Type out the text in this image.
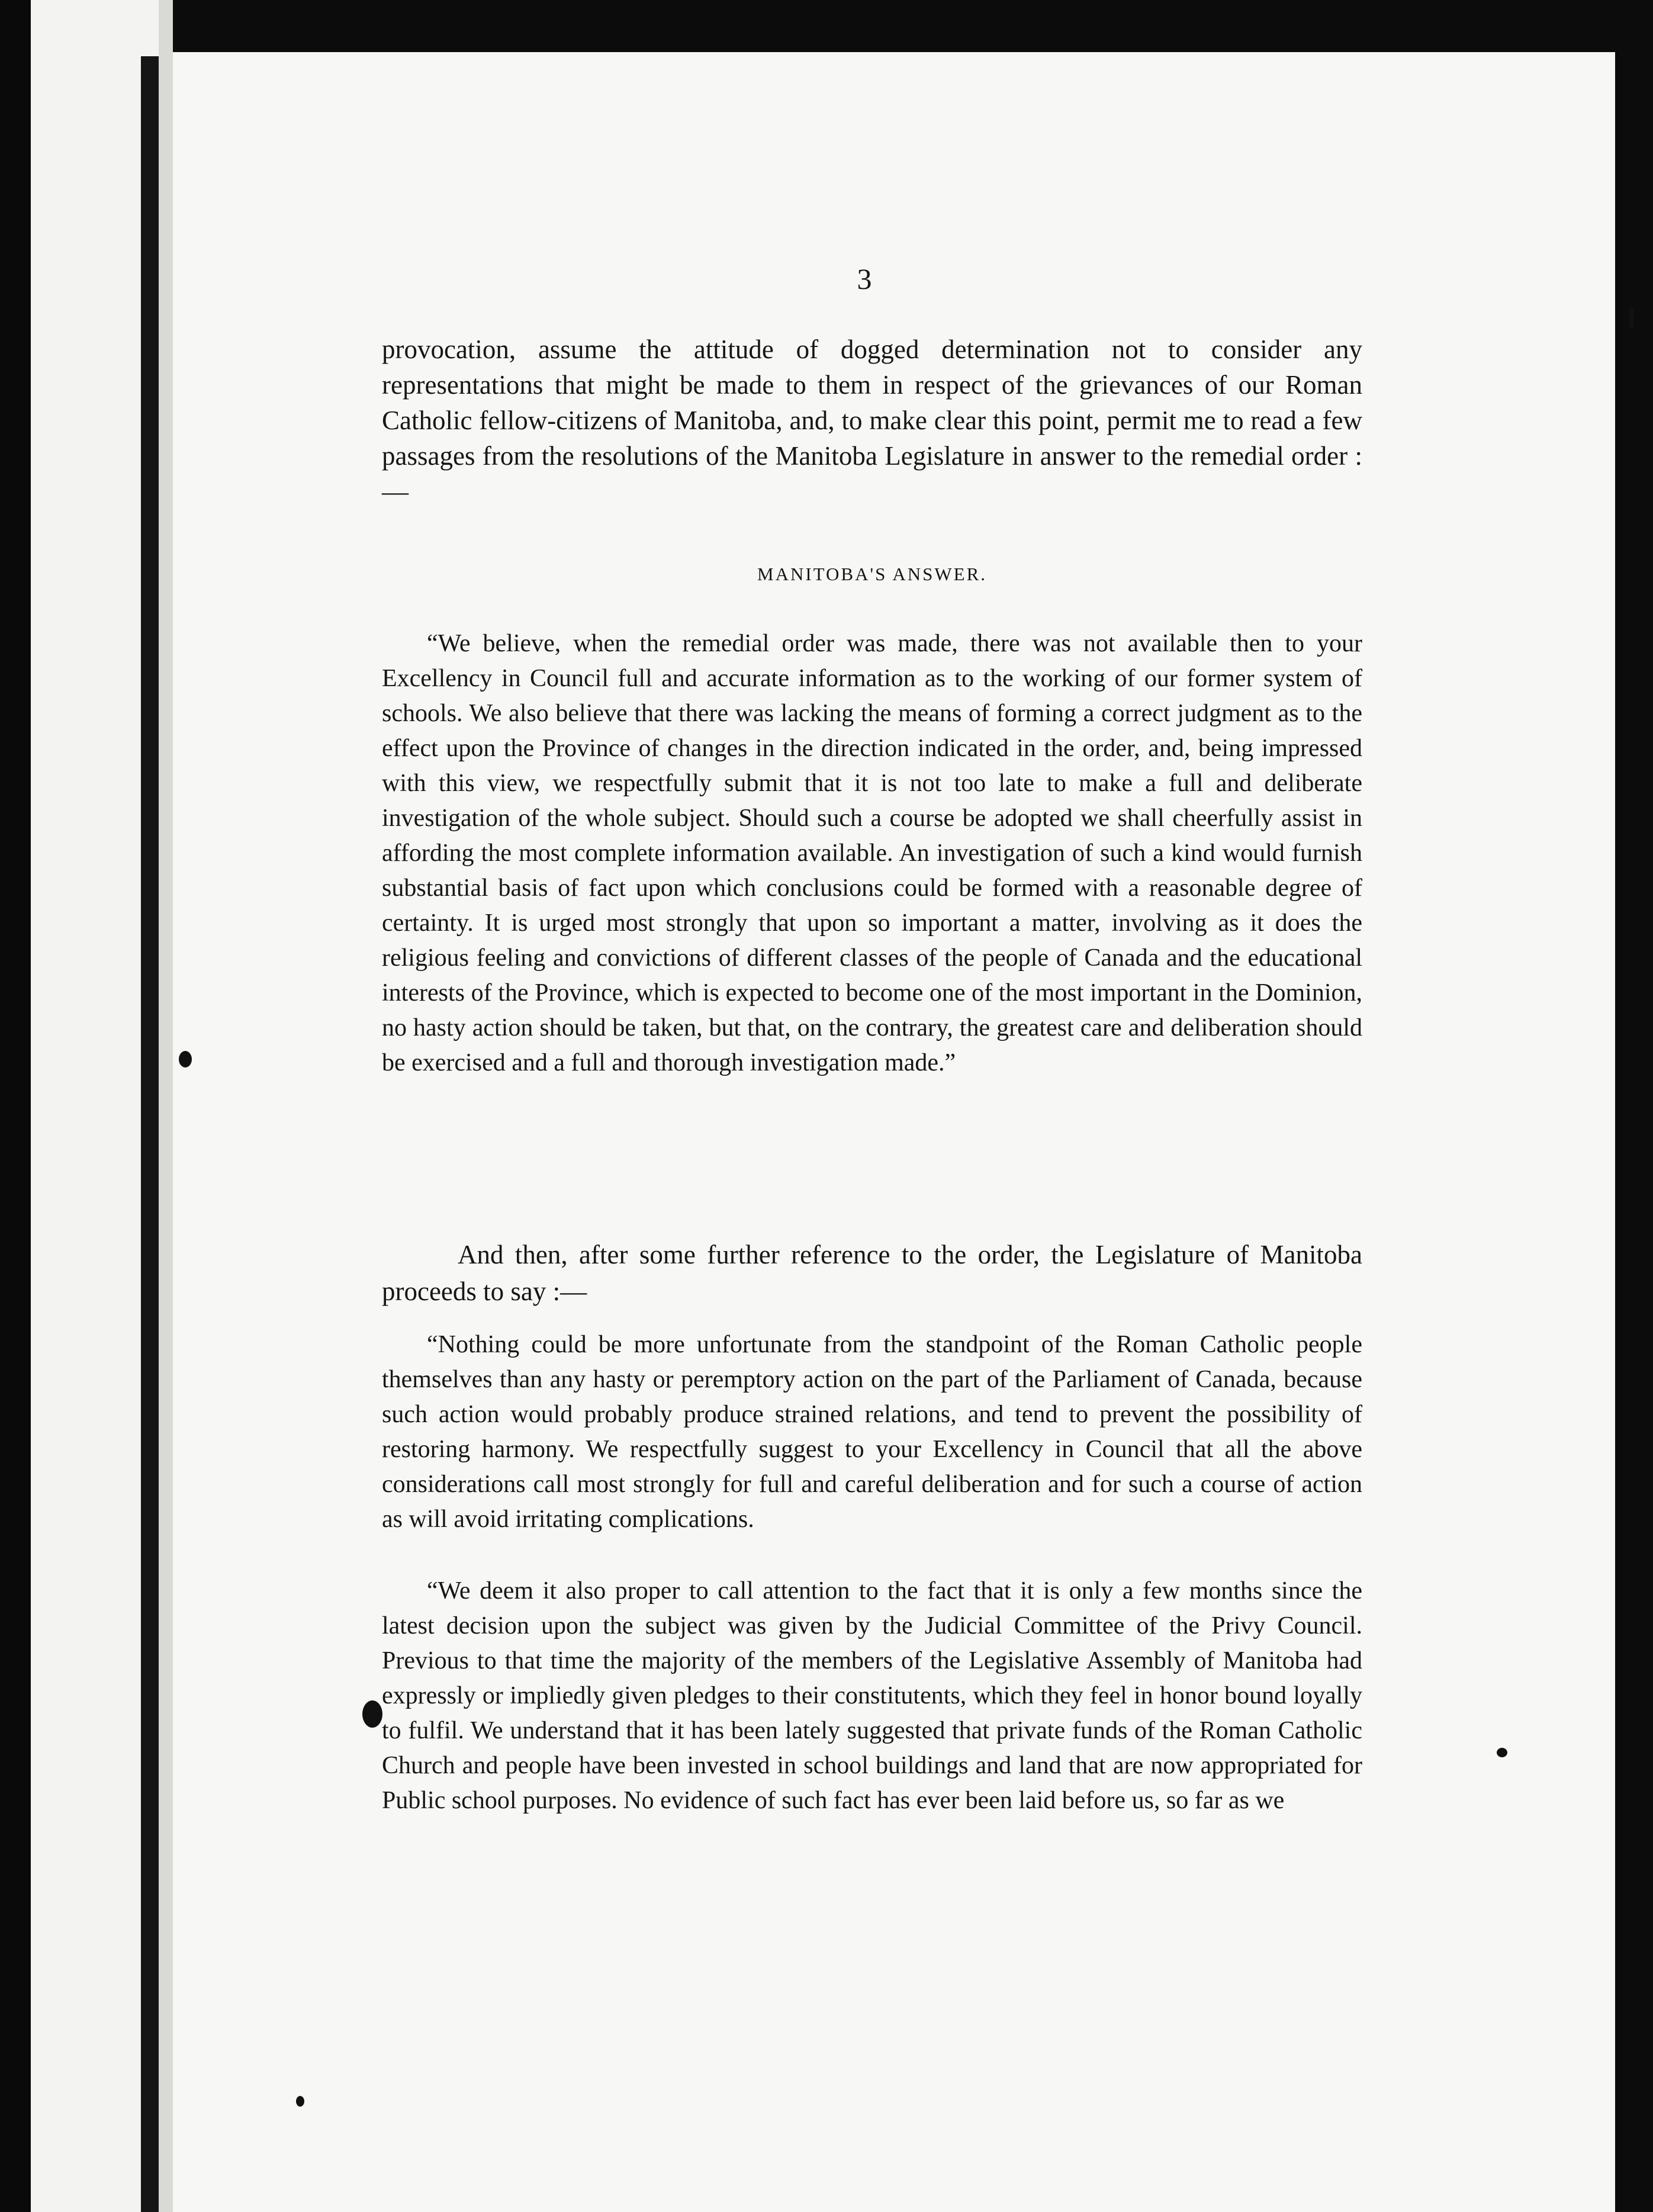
3

provocation, assume the attitude of dogged determination not to consider any representations that might be made to them in respect of the grievances of our Roman Catholic fellow-citizens of Manitoba, and, to make clear this point, permit me to read a few passages from the resolutions of the Manitoba Legislature in answer to the remedial order :—

MANITOBA'S ANSWER.

“We believe, when the remedial order was made, there was not available then to your Excellency in Council full and accurate information as to the working of our former system of schools. We also believe that there was lacking the means of forming a correct judgment as to the effect upon the Province of changes in the direction indicated in the order, and, being impressed with this view, we respectfully submit that it is not too late to make a full and deliberate investigation of the whole subject. Should such a course be adopted we shall cheerfully assist in affording the most complete information available. An investigation of such a kind would furnish substantial basis of fact upon which conclusions could be formed with a reasonable degree of certainty. It is urged most strongly that upon so important a matter, involving as it does the religious feeling and convictions of different classes of the people of Canada and the educational interests of the Province, which is expected to become one of the most important in the Dominion, no hasty action should be taken, but that, on the contrary, the greatest care and deliberation should be exercised and a full and thorough investigation made.”

And then, after some further reference to the order, the Legislature of Manitoba proceeds to say :—

“Nothing could be more unfortunate from the standpoint of the Roman Catholic people themselves than any hasty or peremptory action on the part of the Parliament of Canada, because such action would probably produce strained relations, and tend to prevent the possibility of restoring harmony. We respectfully suggest to your Excellency in Council that all the above considerations call most strongly for full and careful deliberation and for such a course of action as will avoid irritating complications.

“We deem it also proper to call attention to the fact that it is only a few months since the latest decision upon the subject was given by the Judicial Committee of the Privy Council. Previous to that time the majority of the members of the Legislative Assembly of Manitoba had expressly or impliedly given pledges to their constitutents, which they feel in honor bound loyally to fulfil. We understand that it has been lately suggested that private funds of the Roman Catholic Church and people have been invested in school buildings and land that are now appropriated for Public school purposes. No evidence of such fact has ever been laid before us, so far as we
